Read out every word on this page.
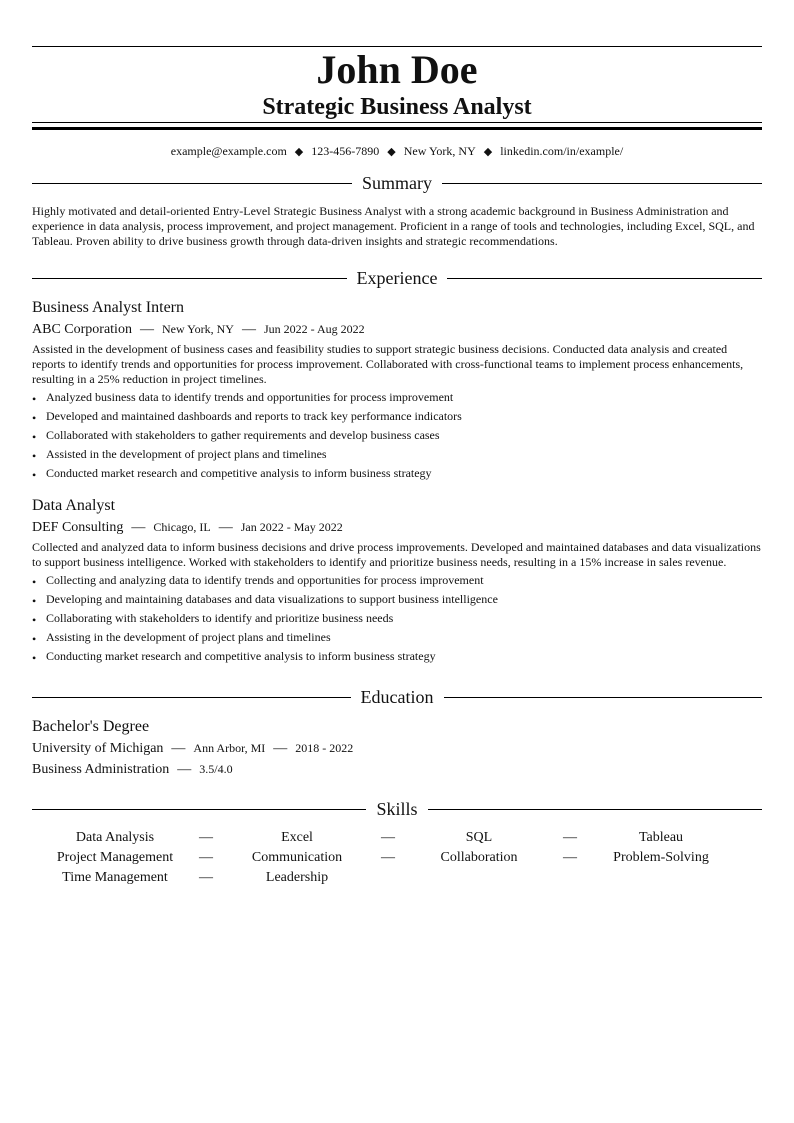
John Doe
Strategic Business Analyst
example@example.com ◆ 123-456-7890 ◆ New York, NY ◆ linkedin.com/in/example/
Summary

Highly motivated and detail-oriented Entry-Level Strategic Business Analyst with a strong academic background in Business Administration and experience in data analysis, process improvement, and project management. Proficient in a range of tools and technologies, including Excel, SQL, and Tableau. Proven ability to drive business growth through data-driven insights and strategic recommendations.

Experience
Business Analyst Intern
ABC Corporation — New York, NY — Jun 2022 - Aug 2022

Assisted in the development of business cases and feasibility studies to support strategic business decisions. Conducted data analysis and created reports to identify trends and opportunities for process improvement. Collaborated with cross-functional teams to implement process enhancements, resulting in a 25% reduction in project timelines.

• Analyzed business data to identify trends and opportunities for process improvement
• Developed and maintained dashboards and reports to track key performance indicators
• Collaborated with stakeholders to gather requirements and develop business cases
• Assisted in the development of project plans and timelines
• Conducted market research and competitive analysis to inform business strategy
Data Analyst
DEF Consulting — Chicago, IL — Jan 2022 - May 2022

Collected and analyzed data to inform business decisions and drive process improvements. Developed and maintained databases and data visualizations to support business intelligence. Worked with stakeholders to identify and prioritize business needs, resulting in a 15% increase in sales revenue.

• Collecting and analyzing data to identify trends and opportunities for process improvement
• Developing and maintaining databases and data visualizations to support business intelligence
• Collaborating with stakeholders to identify and prioritize business needs
• Assisting in the development of project plans and timelines
• Conducting market research and competitive analysis to inform business strategy
Education
Bachelor's Degree
University of Michigan — Ann Arbor, MI — 2018 - 2022
Business Administration — 3.5/4.0
Skills
Data Analysis	—	Excel	—	SQL	—	Tableau
Project Management	—	Communication	—	Collaboration	—	Problem-Solving
Time Management	—	Leadership
